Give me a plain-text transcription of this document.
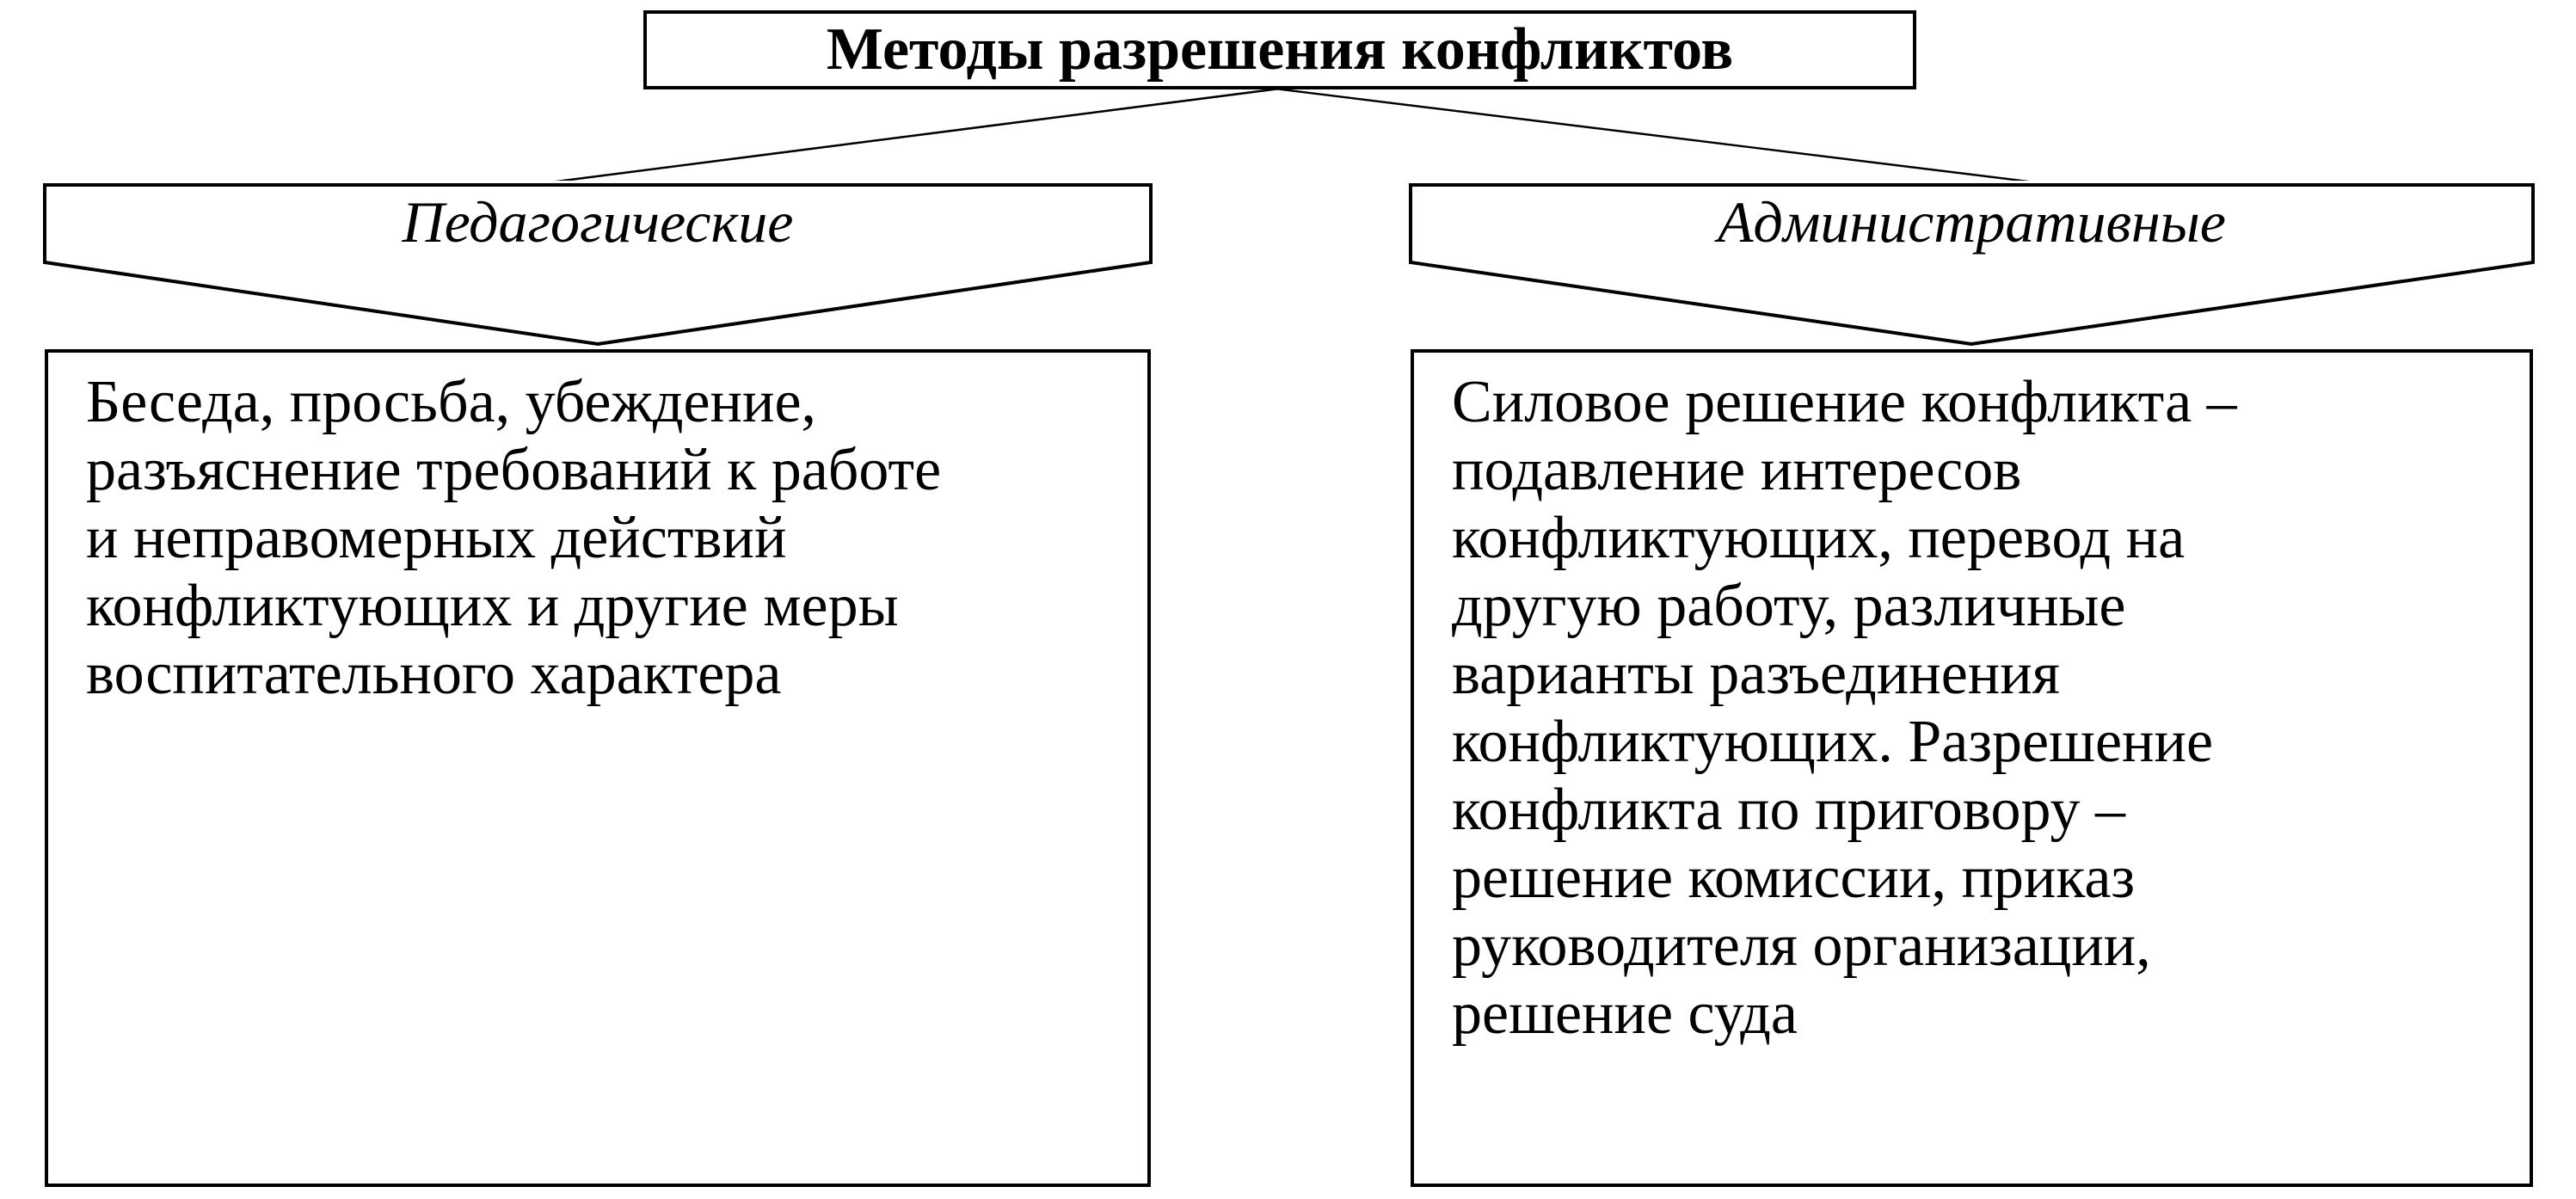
Методы разрешения конфликтов
Педагогические	Административные
Беседа, просьба, убеждение,
разъяснение требований к работе
и неправомерных действий
конфликтующих и другие меры
воспитательного характера
Силовое решение конфликта –
подавление интересов
конфликтующих, перевод на
другую работу, различные
варианты разъединения
конфликтующих. Разрешение
конфликта по приговору –
решение комиссии, приказ
руководителя организации,
решение суда
